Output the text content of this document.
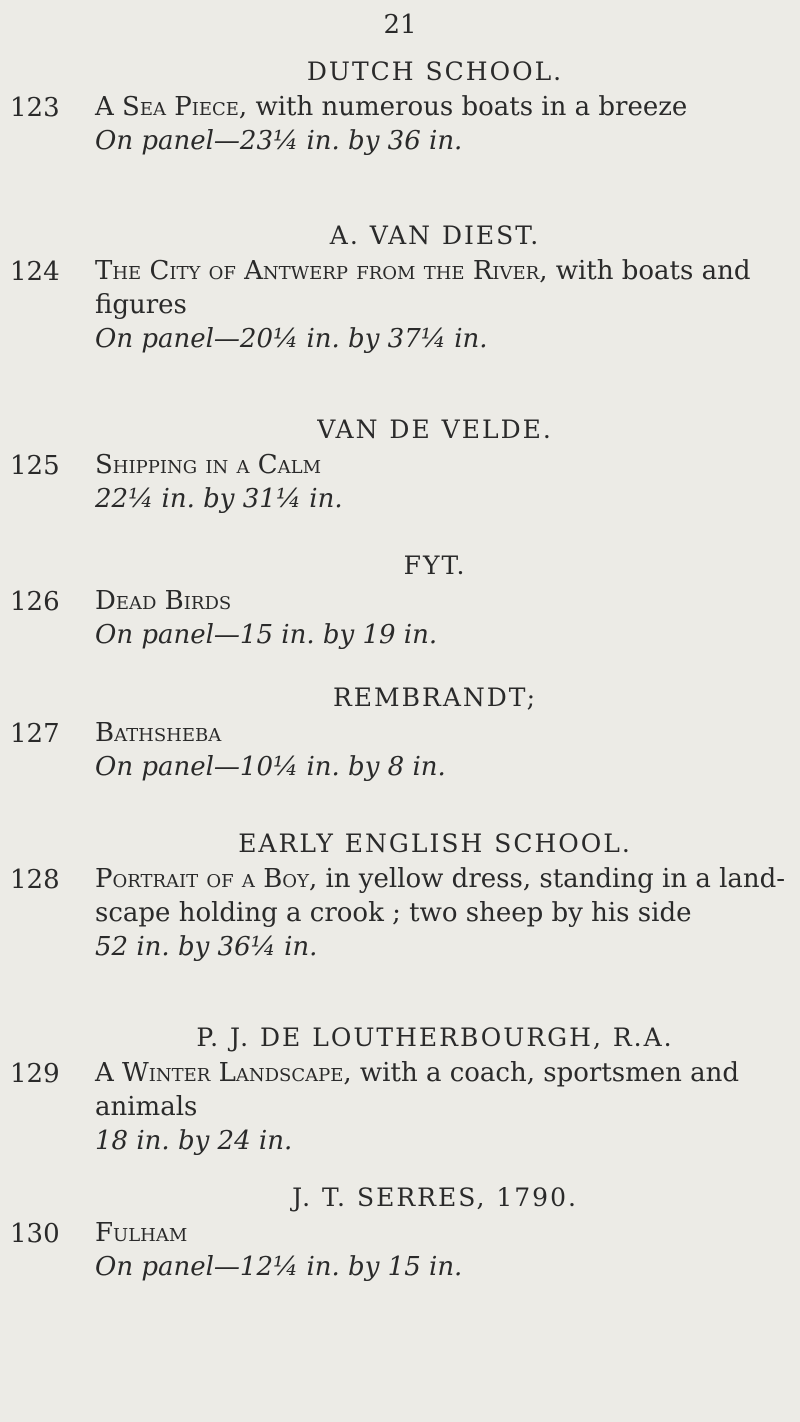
21
DUTCH SCHOOL.
123	A Sea Piece, with numerous boats in a breeze
On panel—23¼ in. by 36 in.
A. VAN DIEST.
124	The City of Antwerp from the River, with boats and figures
On panel—20¼ in. by 37¼ in.
VAN DE VELDE.
125	Shipping in a Calm
22¼ in. by 31¼ in.
FYT.
126	Dead Birds
On panel—15 in. by 19 in.
REMBRANDT;
127	Bathsheba
On panel—10¼ in. by 8 in.
EARLY ENGLISH SCHOOL.
128	Portrait of a Boy, in yellow dress, standing in a land-scape holding a crook ; two sheep by his side
52 in. by 36¼ in.
P. J. DE LOUTHERBOURGH, R.A.
129	A Winter Landscape, with a coach, sportsmen and animals
18 in. by 24 in.
J. T. SERRES, 1790.
130	Fulham
On panel—12¼ in. by 15 in.
